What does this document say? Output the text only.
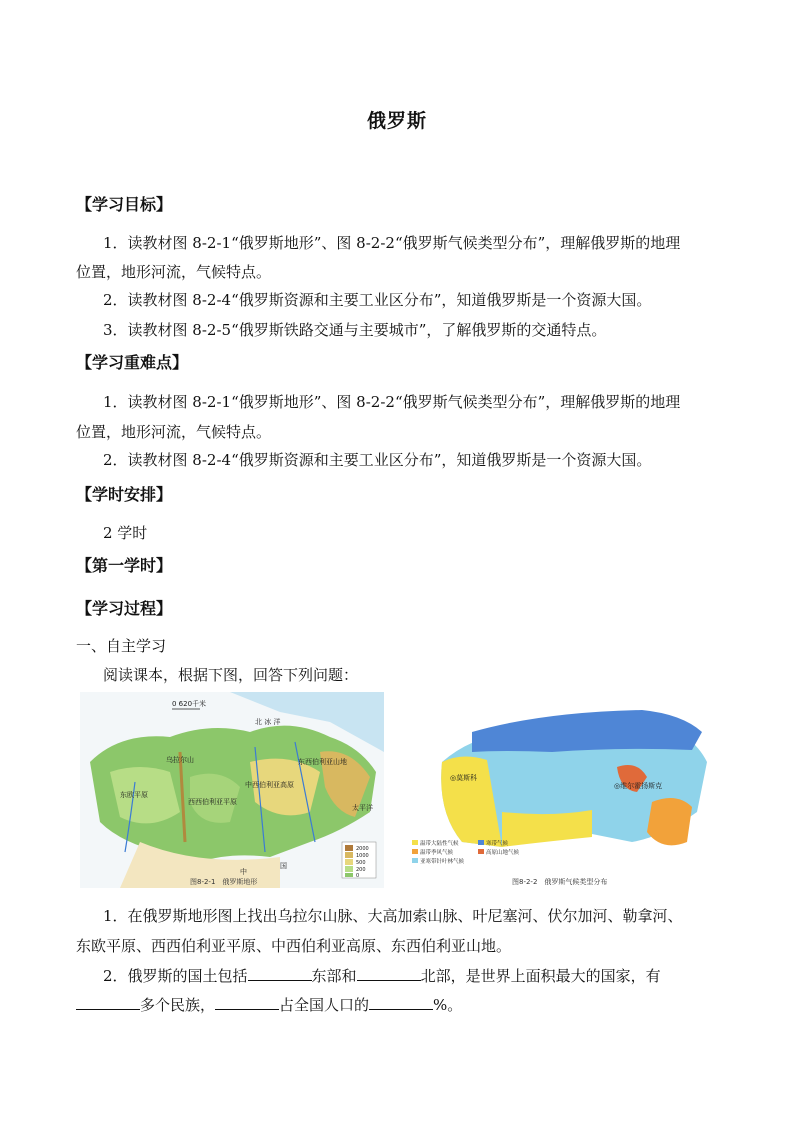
俄罗斯
【学习目标】
1．读教材图 8-2-1“俄罗斯地形”、图 8-2-2“俄罗斯气候类型分布”，理解俄罗斯的地理
位置，地形河流，气候特点。
2．读教材图 8-2-4“俄罗斯资源和主要工业区分布”，知道俄罗斯是一个资源大国。
3．读教材图 8-2-5“俄罗斯铁路交通与主要城市”，了解俄罗斯的交通特点。
【学习重难点】
1．读教材图 8-2-1“俄罗斯地形”、图 8-2-2“俄罗斯气候类型分布”，理解俄罗斯的地理
位置，地形河流，气候特点。
2．读教材图 8-2-4“俄罗斯资源和主要工业区分布”，知道俄罗斯是一个资源大国。
【学时安排】
2 学时
【第一学时】
【学习过程】
一、自主学习
阅读课本，根据下图，回答下列问题：
北 冰 洋
东欧平原
西西伯利亚平原
中西伯利亚高原
东西伯利亚山地
乌拉尔山
太平洋
中
国
0 620千米
2000
1000
500
200
0
图8-2-1　俄罗斯地形
◎莫斯科
◎维尔霍扬斯克
温带大陆性气候	寒带气候
温带季风气候	高原山地气候
亚寒带针叶林气候
图8-2-2　俄罗斯气候类型分布
1．在俄罗斯地形图上找出乌拉尔山脉、大高加索山脉、叶尼塞河、伏尔加河、勒拿河、
东欧平原、西西伯利亚平原、中西伯利亚高原、东西伯利亚山地。
2．俄罗斯的国土包括	东部和	北部，是世界上面积最大的国家，有
多个民族，	占全国人口的	%。
